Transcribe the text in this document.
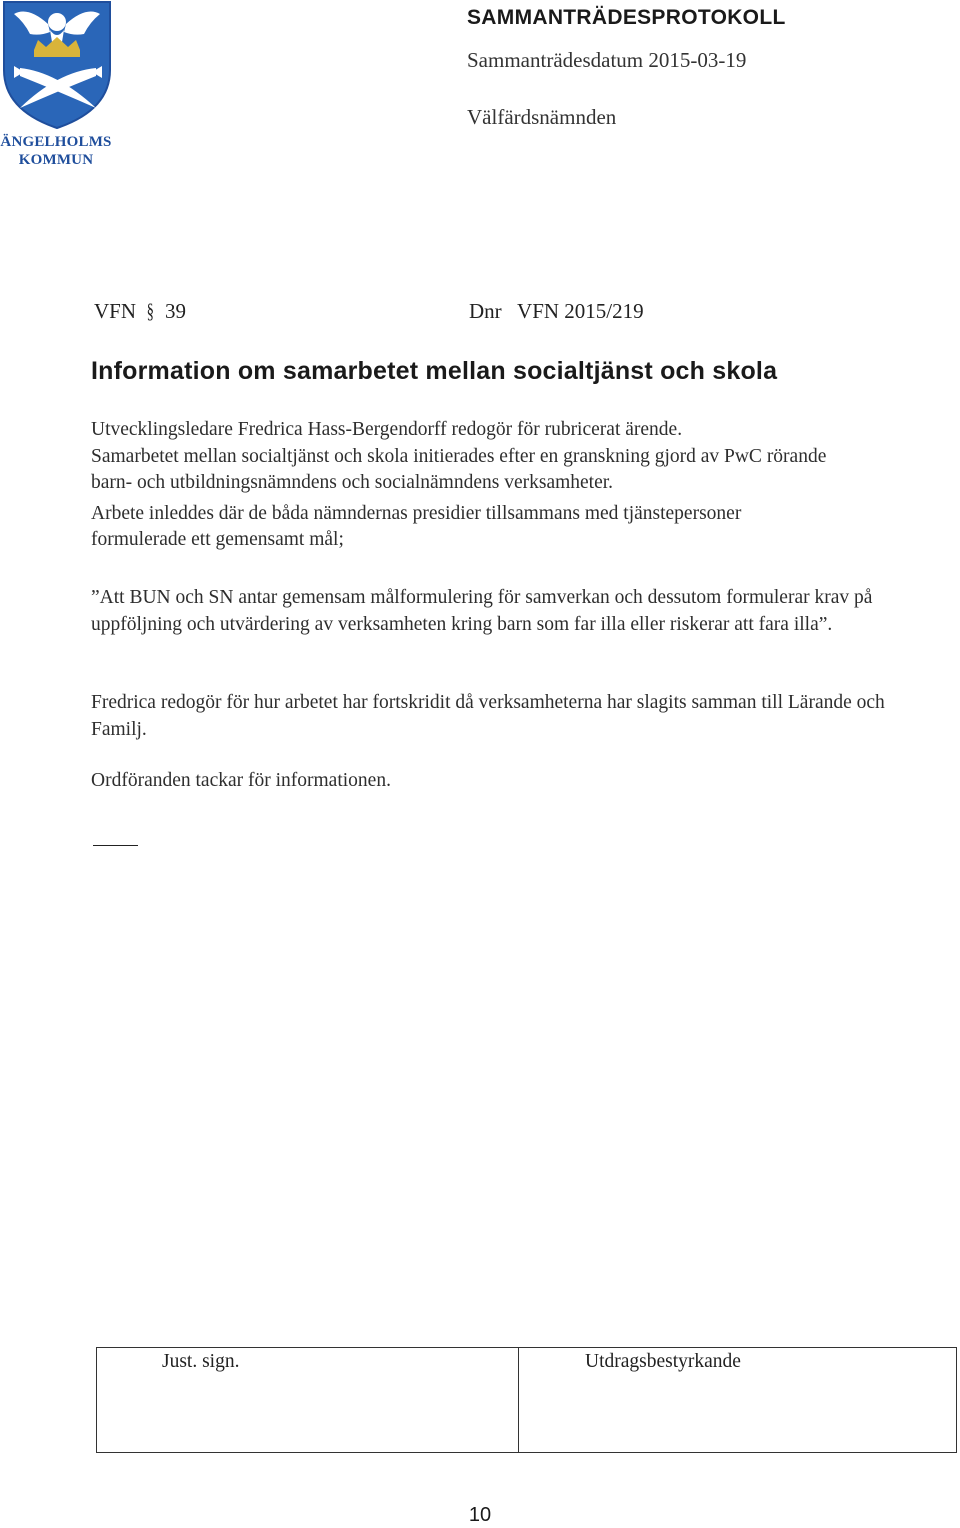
ÄNGELHOLMS
KOMMUN
SAMMANTRÄDESPROTOKOLL
Sammanträdesdatum 2015-03-19
Välfärdsnämnden
VFN § 39	Dnr VFN 2015/219
Information om samarbetet mellan socialtjänst och skola

Utvecklingsledare Fredrica Hass-Bergendorff redogör för rubricerat ärende.

Samarbetet mellan socialtjänst och skola initierades efter en granskning gjord av PwC rörande

barn- och utbildningsnämndens och socialnämndens verksamheter.

Arbete inleddes där de båda nämndernas presidier tillsammans med tjänstepersoner

formulerade ett gemensamt mål;

”Att BUN och SN antar gemensam målformulering för samverkan och dessutom formulerar krav på uppföljning och utvärdering av verksamheten kring barn som far illa eller riskerar att fara illa”.

Fredrica redogör för hur arbetet har fortskridit då verksamheterna har slagits samman till Lärande och Familj.

Ordföranden tackar för informationen.

Just. sign.	Utdragsbestyrkande
10
